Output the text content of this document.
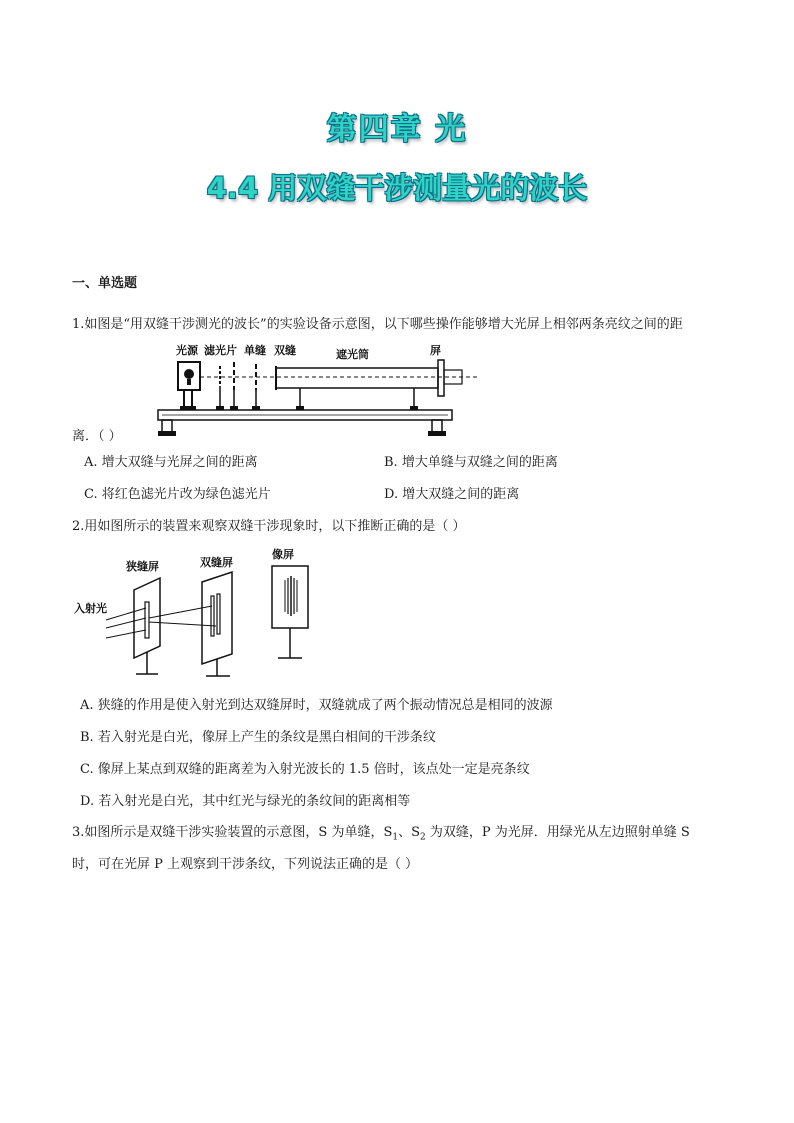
第四章 光
4.4 用双缝干涉测量光的波长
一、单选题
1.如图是“用双缝干涉测光的波长”的实验设备示意图，以下哪些操作能够增大光屏上相邻两条亮纹之间的距
光源 滤光片 单缝 双缝	遮光筒	屏
离．（ ）
A. 增大双缝与光屏之间的距离	B. 增大单缝与双缝之间的距离
C. 将红色滤光片改为绿色滤光片	D. 增大双缝之间的距离
2.用如图所示的装置来观察双缝干涉现象时，以下推断正确的是（ ）
狭缝屏	双缝屏
像屏
入射光
A. 狭缝的作用是使入射光到达双缝屏时，双缝就成了两个振动情况总是相同的波源
B. 若入射光是白光，像屏上产生的条纹是黑白相间的干涉条纹
C. 像屏上某点到双缝的距离差为入射光波长的 1.5 倍时，该点处一定是亮条纹
D. 若入射光是白光，其中红光与绿光的条纹间的距离相等
3.如图所示是双缝干涉实验装置的示意图，S 为单缝，$S_1$、$S_2$ 为双缝，P 为光屏．用绿光从左边照射单缝 S
时，可在光屏 P 上观察到干涉条纹，下列说法正确的是（ ）
